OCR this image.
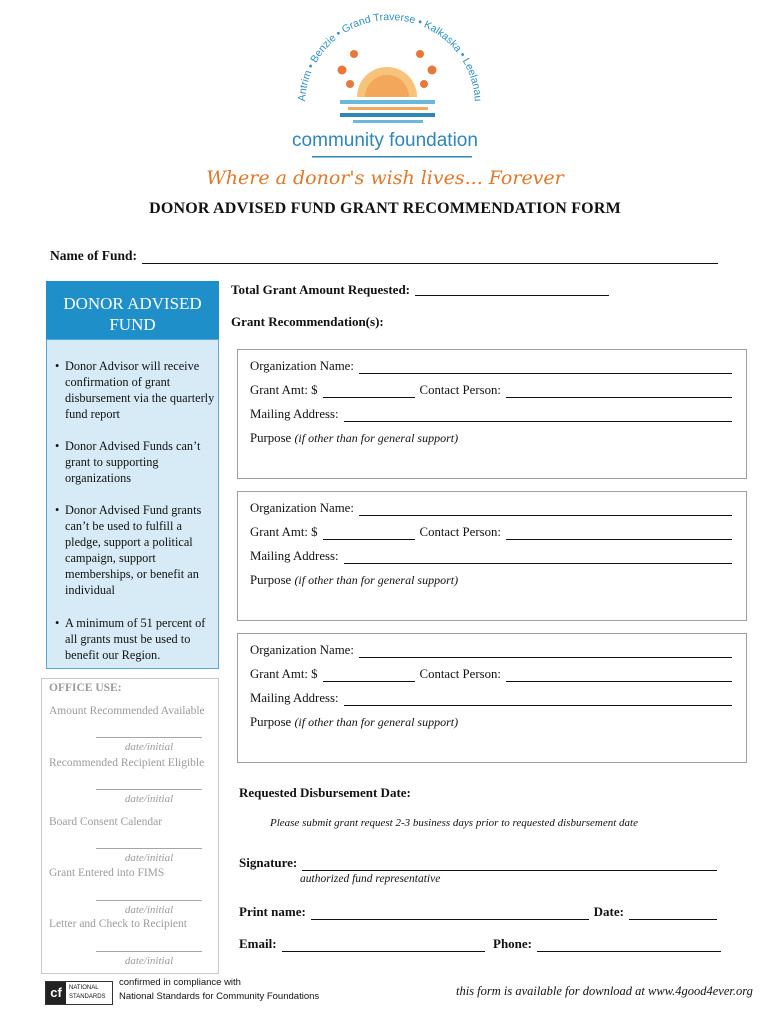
Antrim • Benzie • Grand Traverse • Kalkaska • Leelanau
community foundation
Where a donor's wish lives... Forever
DONOR ADVISED FUND GRANT RECOMMENDATION FORM
Name of Fund:
DONOR ADVISED
FUND
• Donor Advisor will receive confirmation of grant disbursement via the quarterly fund report
• Donor Advised Funds can’t grant to supporting organizations
• Donor Advised Fund grants can’t be used to fulfill a pledge, support a political campaign, support memberships, or benefit an individual
• A minimum of 51 percent of all grants must be used to benefit our Region.
OFFICE USE:
Amount Recommended Available
date/initial
Recommended Recipient Eligible
date/initial
Board Consent Calendar
date/initial
Grant Entered into FIMS
date/initial
Letter and Check to Recipient
date/initial
Total Grant Amount Requested:
Grant Recommendation(s):
Organization Name:
Grant Amt: $	Contact Person:
Mailing Address:
Purpose
(if other than for general support)
Organization Name:
Grant Amt: $	Contact Person:
Mailing Address:
Purpose
(if other than for general support)
Organization Name:
Grant Amt: $	Contact Person:
Mailing Address:
Purpose
(if other than for general support)
Requested Disbursement Date:
Please submit grant request 2-3 business days prior to requested disbursement date
Signature:
authorized fund representative
Print name:	Date:
Email:	Phone:
cf	NATIONAL
STANDARDS
confirmed in compliance with
National Standards for Community Foundations	this form is available for download at www.4good4ever.org
